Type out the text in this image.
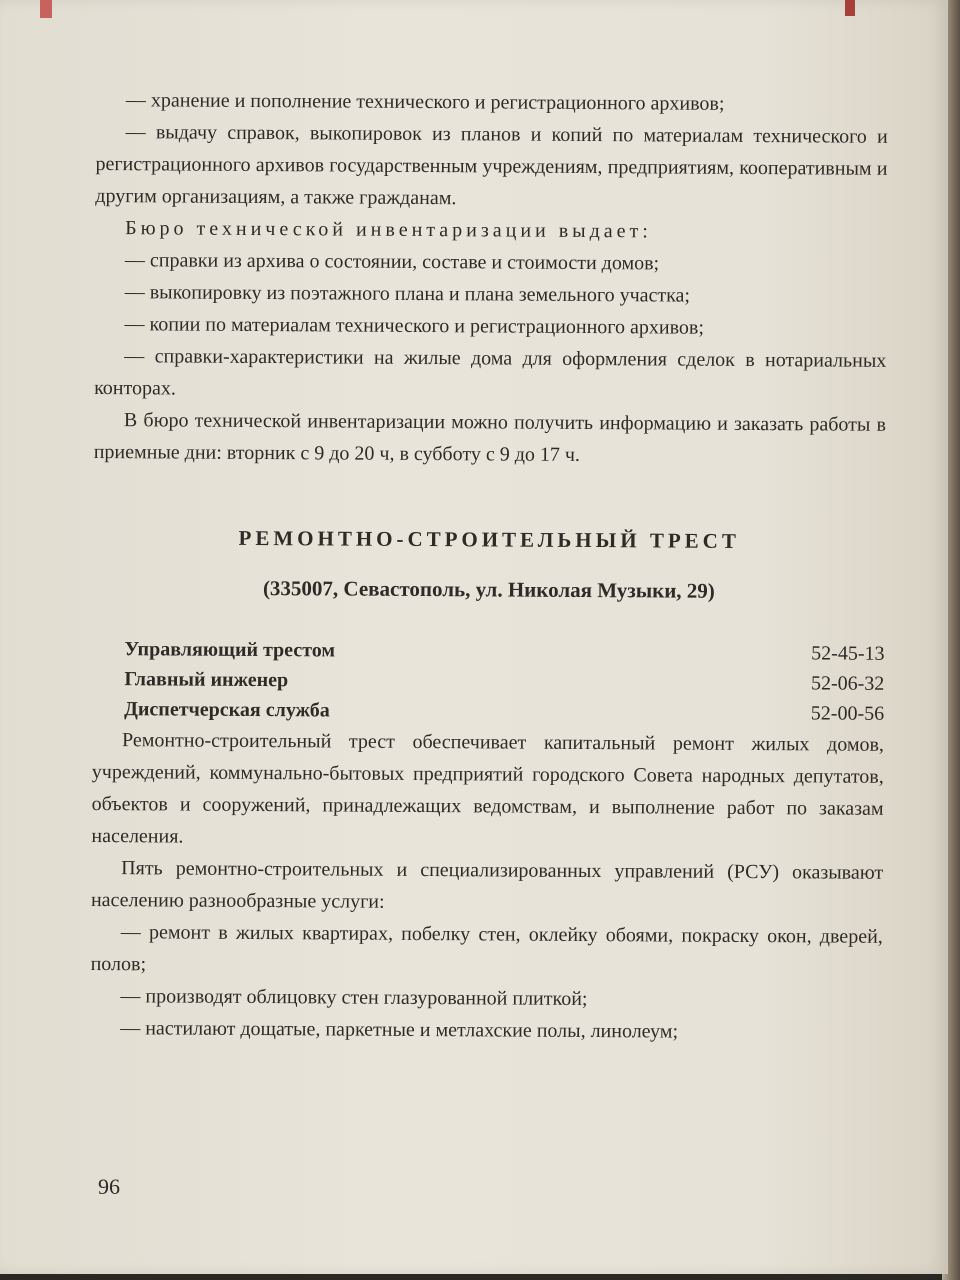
— хранение и пополнение технического и регистрационного архивов;

— выдачу справок, выкопировок из планов и копий по материалам технического и регистрационного архивов государственным учреждениям, предприятиям, кооперативным и другим организациям, а также гражданам.

Бюро технической инвентаризации выдает:

— справки из архива о состоянии, составе и стоимости домов;

— выкопировку из поэтажного плана и плана земельного участка;

— копии по материалам технического и регистрационного архивов;

— справки-характеристики на жилые дома для оформления сделок в нотариальных конторах.

В бюро технической инвентаризации можно получить информацию и заказать работы в приемные дни: вторник с 9 до 20 ч, в субботу с 9 до 17 ч.

РЕМОНТНО-СТРОИТЕЛЬНЫЙ ТРЕСТ
(335007, Севастополь, ул. Николая Музыки, 29)
Управляющий трестом	52-45-13
Главный инженер	52-06-32
Диспетчерская служба	52-00-56

Ремонтно-строительный трест обеспечивает капитальный ремонт жилых домов, учреждений, коммунально-бытовых предприятий городского Совета народных депутатов, объектов и сооружений, принадлежащих ведомствам, и выполнение работ по заказам населения.

Пять ремонтно-строительных и специализированных управлений (РСУ) оказывают населению разнообразные услуги:

— ремонт в жилых квартирах, побелку стен, оклейку обоями, покраску окон, дверей, полов;

— производят облицовку стен глазурованной плиткой;

— настилают дощатые, паркетные и метлахские полы, линолеум;

96
